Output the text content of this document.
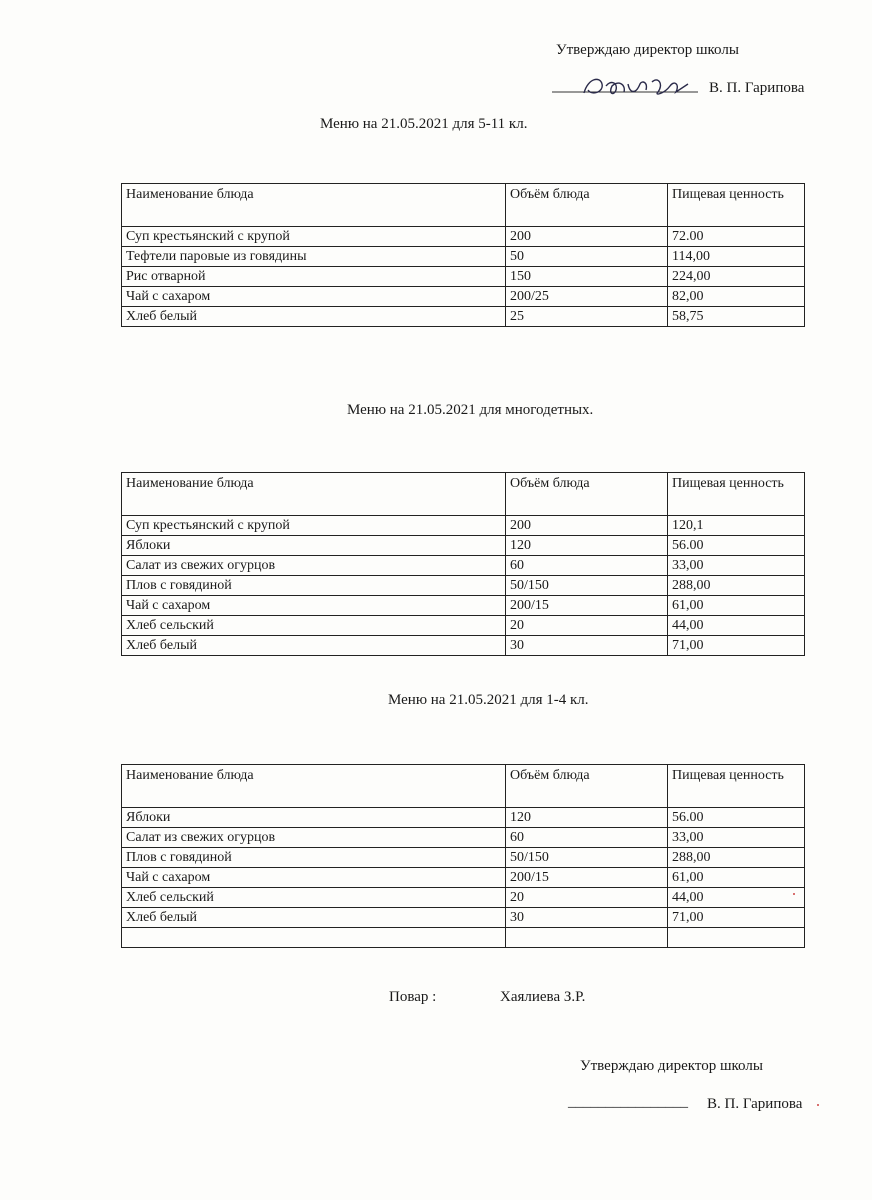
Утверждаю директор школы
В. П. Гарипова
Меню на 21.05.2021 для 5-11 кл.
Наименование блюда	Объём блюда	Пищевая ценность
Суп крестьянский с крупой	200	72.00
Тефтели паровые из говядины	50	114,00
Рис отварной	150	224,00
Чай с сахаром	200/25	82,00
Хлеб белый	25	58,75
Меню на 21.05.2021 для многодетных.
Наименование блюда	Объём блюда	Пищевая ценность
Суп крестьянский с крупой	200	120,1
Яблоки	120	56.00
Салат из свежих огурцов	60	33,00
Плов с говядиной	50/150	288,00
Чай с сахаром	200/15	61,00
Хлеб сельский	20	44,00
Хлеб белый	30	71,00
Меню на 21.05.2021 для 1-4 кл.
Наименование блюда	Объём блюда	Пищевая ценность
Яблоки	120	56.00
Салат из свежих огурцов	60	33,00
Плов с говядиной	50/150	288,00
Чай с сахаром	200/15	61,00
Хлеб сельский	20	44,00
Хлеб белый	30	71,00

Повар :	Хаялиева З.Р.
Утверждаю директор школы
________________ В. П. Гарипова
